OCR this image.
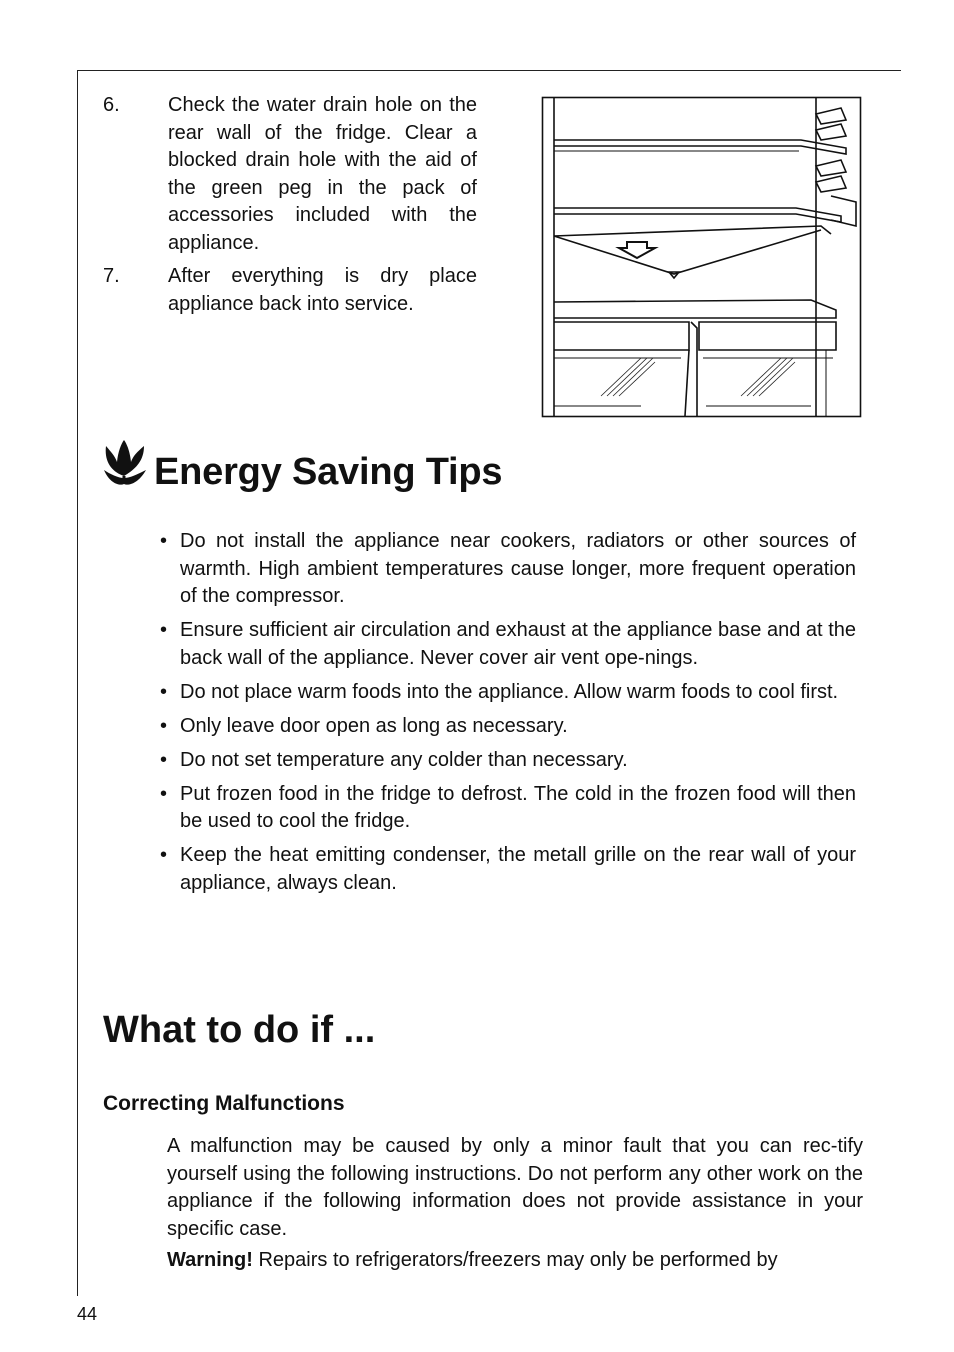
6. Check the water drain hole on the rear wall of the fridge. Clear a blocked drain hole with the aid of the green peg in the pack of accessories included with the appliance.
7. After everything is dry place appliance back into service.
Energy Saving Tips
• Do not install the appliance near cookers, radiators or other sources of warmth. High ambient temperatures cause longer, more frequent operation of the compressor.
• Ensure sufficient air circulation and exhaust at the appliance base and at the back wall of the appliance. Never cover air vent ope-nings.
• Do not place warm foods into the appliance. Allow warm foods to cool first.
• Only leave door open as long as necessary.
• Do not set temperature any colder than necessary.
• Put frozen food in the fridge to defrost. The cold in the frozen food will then be used to cool the fridge.
• Keep the heat emitting condenser, the metall grille on the rear wall of your appliance, always clean.
What to do if ...
Correcting Malfunctions

A malfunction may be caused by only a minor fault that you can rec-tify yourself using the following instructions. Do not perform any other work on the appliance if the following information does not provide assistance in your specific case.

Warning! Repairs to refrigerators/freezers may only be performed by

44
